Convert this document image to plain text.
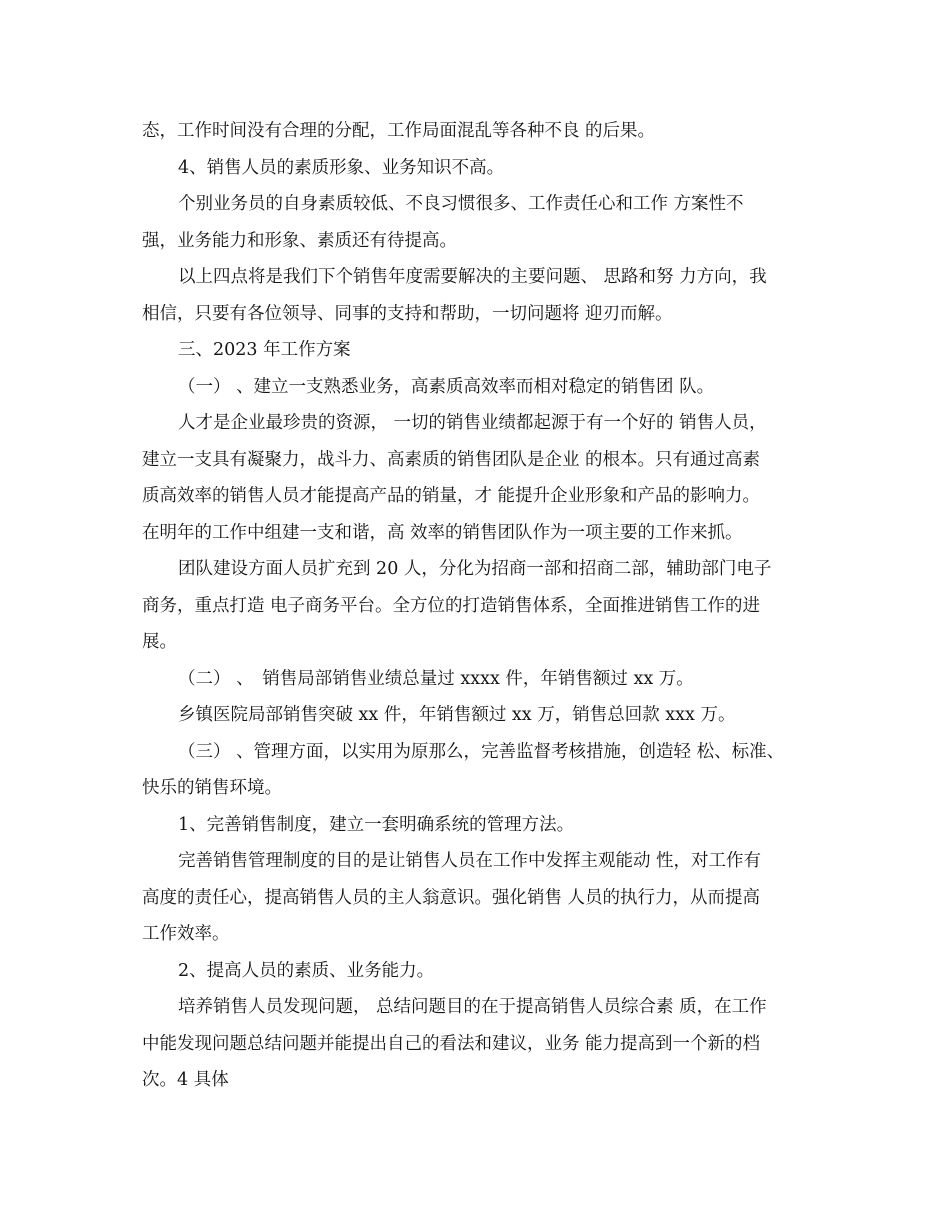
态，工作时间没有合理的分配，工作局面混乱等各种不良 的后果。

4、销售人员的素质形象、业务知识不高。

个别业务员的自身素质较低、不良习惯很多、工作责任心和工作 方案性不

强，业务能力和形象、素质还有待提高。

以上四点将是我们下个销售年度需要解决的主要问题、 思路和努 力方向，我

相信，只要有各位领导、同事的支持和帮助，一切问题将 迎刃而解。

三、2023 年工作方案

（一） 、建立一支熟悉业务，高素质高效率而相对稳定的销售团 队。

人才是企业最珍贵的资源， 一切的销售业绩都起源于有一个好的 销售人员，

建立一支具有凝聚力，战斗力、高素质的销售团队是企业 的根本。只有通过高素

质高效率的销售人员才能提高产品的销量，才 能提升企业形象和产品的影响力。

在明年的工作中组建一支和谐，高 效率的销售团队作为一项主要的工作来抓。

团队建设方面人员扩充到 20 人，分化为招商一部和招商二部，辅助部门电子

商务，重点打造 电子商务平台。全方位的打造销售体系，全面推进销售工作的进

展。

（二） 、　销售局部销售业绩总量过 xxxx 件，年销售额过 xx 万。

乡镇医院局部销售突破 xx 件，年销售额过 xx 万，销售总回款 xxx 万。

（三） 、管理方面，以实用为原那么，完善监督考核措施，创造轻 松、标准、

快乐的销售环境。

1、完善销售制度，建立一套明确系统的管理方法。

完善销售管理制度的目的是让销售人员在工作中发挥主观能动 性，对工作有

高度的责任心，提高销售人员的主人翁意识。强化销售 人员的执行力，从而提高

工作效率。

2、提高人员的素质、业务能力。

培养销售人员发现问题， 总结问题目的在于提高销售人员综合素 质，在工作

中能发现问题总结问题并能提出自己的看法和建议，业务 能力提高到一个新的档

次。4 具体
